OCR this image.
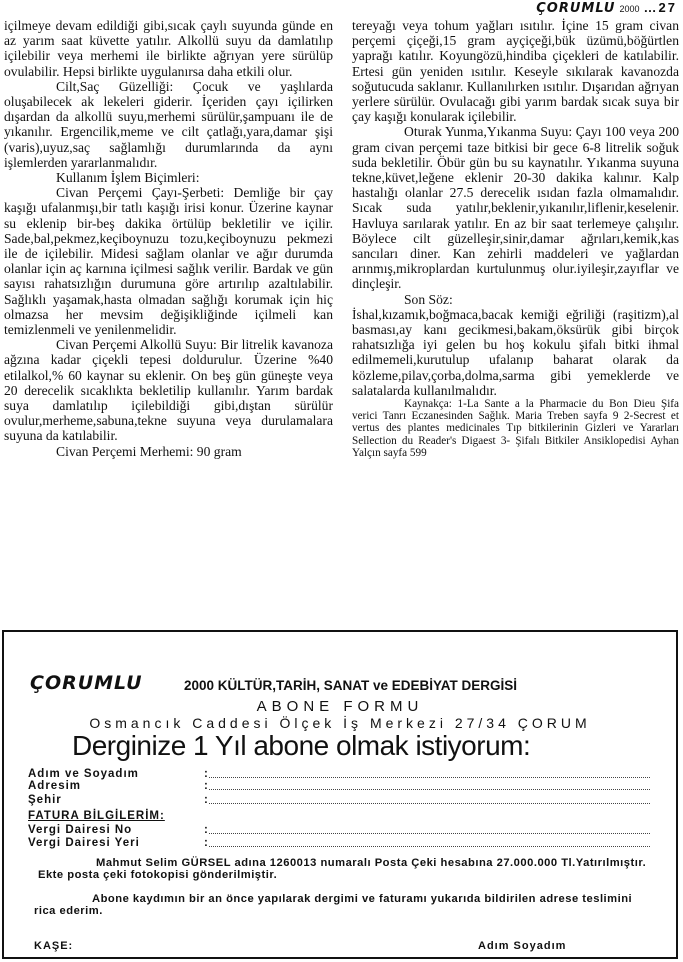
ÇORUMLU 2000 …27

içilmeye devam edildiği gibi,sıcak çaylı suyunda günde en az yarım saat küvette yatılır. Alkollü suyu da damlatılıp içilebilir veya merhemi ile birlikte ağrıyan yere sürülüp ovulabilir. Hepsi birlikte uygulanırsa daha etkili olur.

Cilt,Saç Güzelliği: Çocuk ve yaşlılarda oluşabilecek ak lekeleri giderir. İçeriden çayı içilirken dışardan da alkollü suyu,merhemi sürülür,şampuanı ile de yıkanılır. Ergencilik,meme ve cilt çatlağı,yara,damar şişi (varis),uyuz,saç sağlamlığı durumlarında da aynı işlemlerden yararlanmalıdır.

Kullanım İşlem Biçimleri:

Civan Perçemi Çayı-Şerbeti: Demliğe bir çay kaşığı ufalanmışı,bir tatlı kaşığı irisi konur. Üzerine kaynar su eklenip bir-beş dakika örtülüp bekletilir ve içilir. Sade,bal,pekmez,keçiboynuzu tozu,keçiboynuzu pekmezi ile de içilebilir. Midesi sağlam olanlar ve ağır durumda olanlar için aç karnına içilmesi sağlık verilir. Bardak ve gün sayısı rahatsızlığın durumuna göre artırılıp azaltılabilir. Sağlıklı yaşamak,hasta olmadan sağlığı korumak için hiç olmazsa her mevsim değişikliğinde içilmeli kan temizlenmeli ve yenilenmelidir.

Civan Perçemi Alkollü Suyu: Bir litrelik kavanoza ağzına kadar çiçekli tepesi doldurulur. Üzerine %40 etilalkol,% 60 kaynar su eklenir. On beş gün güneşte veya 20 derecelik sıcaklıkta bekletilip kullanılır. Yarım bardak suya damlatılıp içilebildiği gibi,dıştan sürülür ovulur,merheme,sabuna,tekne suyuna veya durulamalara suyuna da katılabilir.

Civan Perçemi Merhemi: 90 gram

tereyağı veya tohum yağları ısıtılır. İçine 15 gram civan perçemi çiçeği,15 gram ayçiçeği,bük üzümü,böğürtlen yaprağı katılır. Koyungözü,hindiba çiçekleri de katılabilir. Ertesi gün yeniden ısıtılır. Keseyle sıkılarak kavanozda soğutucuda saklanır. Kullanılırken ısıtılır. Dışarıdan ağrıyan yerlere sürülür. Ovulacağı gibi yarım bardak sıcak suya bir çay kaşığı konularak içilebilir.

Oturak Yunma,Yıkanma Suyu: Çayı 100 veya 200 gram civan perçemi taze bitkisi bir gece 6-8 litrelik soğuk suda bekletilir. Öbür gün bu su kaynatılır. Yıkanma suyuna tekne,küvet,leğene eklenir 20-30 dakika kalınır. Kalp hastalığı olanlar 27.5 derecelik ısıdan fazla olmamalıdır. Sıcak suda yatılır,beklenir,yıkanılır,liflenir,keselenir. Havluya sarılarak yatılır. En az bir saat terlemeye çalışılır. Böylece cilt güzelleşir,sinir,damar ağrıları,kemik,kas sancıları diner. Kan zehirli maddeleri ve yağlardan arınmış,mikroplardan kurtulunmuş olur.iyileşir,zayıflar ve dinçleşir.

Son Söz:

İshal,kızamık,boğmaca,bacak kemiği eğriliği (raşitizm),al basması,ay kanı gecikmesi,bakam,öksürük gibi birçok rahatsızlığa iyi gelen bu hoş kokulu şifalı bitki ihmal edilmemeli,kurutulup ufalanıp baharat olarak da közleme,pilav,çorba,dolma,sarma gibi yemeklerde ve salatalarda kullanılmalıdır.

Kaynakça: 1-La Sante a la Pharmacie du Bon Dieu Şifa verici Tanrı Eczanesinden Sağlık. Maria Treben sayfa 9 2-Secrest et vertus des plantes medicinales Tıp bitkilerinin Gizleri ve Yararları Sellection du Reader's Digaest 3- Şifalı Bitkiler Ansiklopedisi Ayhan Yalçın sayfa 599

ÇORUMLU	2000 KÜLTÜR,TARİH, SANAT ve EDEBİYAT DERGİSİ
ABONE FORMU
Osmancık Caddesi Ölçek İş Merkezi 27/34 ÇORUM
Derginize 1 Yıl abone olmak istiyorum:
Adım ve Soyadım	:
Adresim	:
Şehir	:
FATURA BİLGİLERİM:
Vergi Dairesi No	:
Vergi Dairesi Yeri	:
Mahmut Selim GÜRSEL adına 1260013 numaralı Posta Çeki hesabına 27.000.000 Tl.Yatırılmıştır. Ekte posta çeki fotokopisi gönderilmiştir.
Abone kaydımın bir an önce yapılarak dergimi ve faturamı yukarıda bildirilen adrese teslimini rica ederim.
KAŞE:	Adım Soyadım
